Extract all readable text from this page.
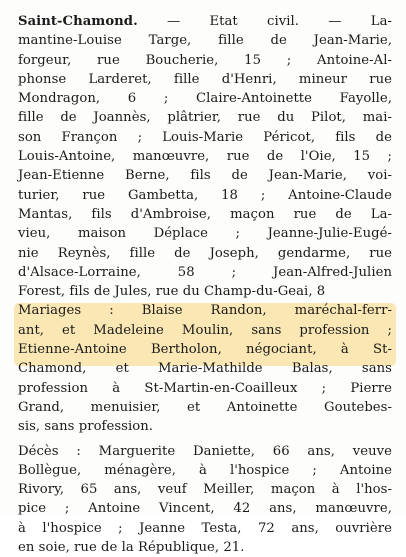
Saint-Chamond. — Etat civil. — La-
mantine-Louise Targe, fille de Jean-Marie,
forgeur, rue Boucherie, 15 ; Antoine-Al-
phonse Larderet, fille d'Henri, mineur rue
Mondragon, 6 ; Claire-Antoinette Fayolle,
fille de Joannès, plâtrier, rue du Pilot, mai-
son Françon ; Louis-Marie Péricot, fils de
Louis-Antoine, manœuvre, rue de l'Oie, 15 ;
Jean-Etienne Berne, fils de Jean-Marie, voi-
turier, rue Gambetta, 18 ; Antoine-Claude
Mantas, fils d'Ambroise, maçon rue de La-
vieu, maison Déplace ; Jeanne-Julie-Eugé-
nie Reynès, fille de Joseph, gendarme, rue
d'Alsace-Lorraine, 58 ; Jean-Alfred-Julien
Forest, fils de Jules, rue du Champ-du-Geai, 8
Mariages : Blaise Randon, maréchal-ferr-
ant, et Madeleine Moulin, sans profession ;
Etienne-Antoine Bertholon, négociant, à St-
Chamond, et Marie-Mathilde Balas, sans
profession à St-Martin-en-Coailleux ; Pierre
Grand, menuisier, et Antoinette Goutebes-
sis, sans profession.
Décès : Marguerite Daniette, 66 ans, veuve
Bollègue, ménagère, à l'hospice ; Antoine
Rivory, 65 ans, veuf Meiller, maçon à l'hos-
pice ; Antoine Vincent, 42 ans, manœuvre,
à l'hospice ; Jeanne Testa, 72 ans, ouvrière
en soie, rue de la République, 21.
